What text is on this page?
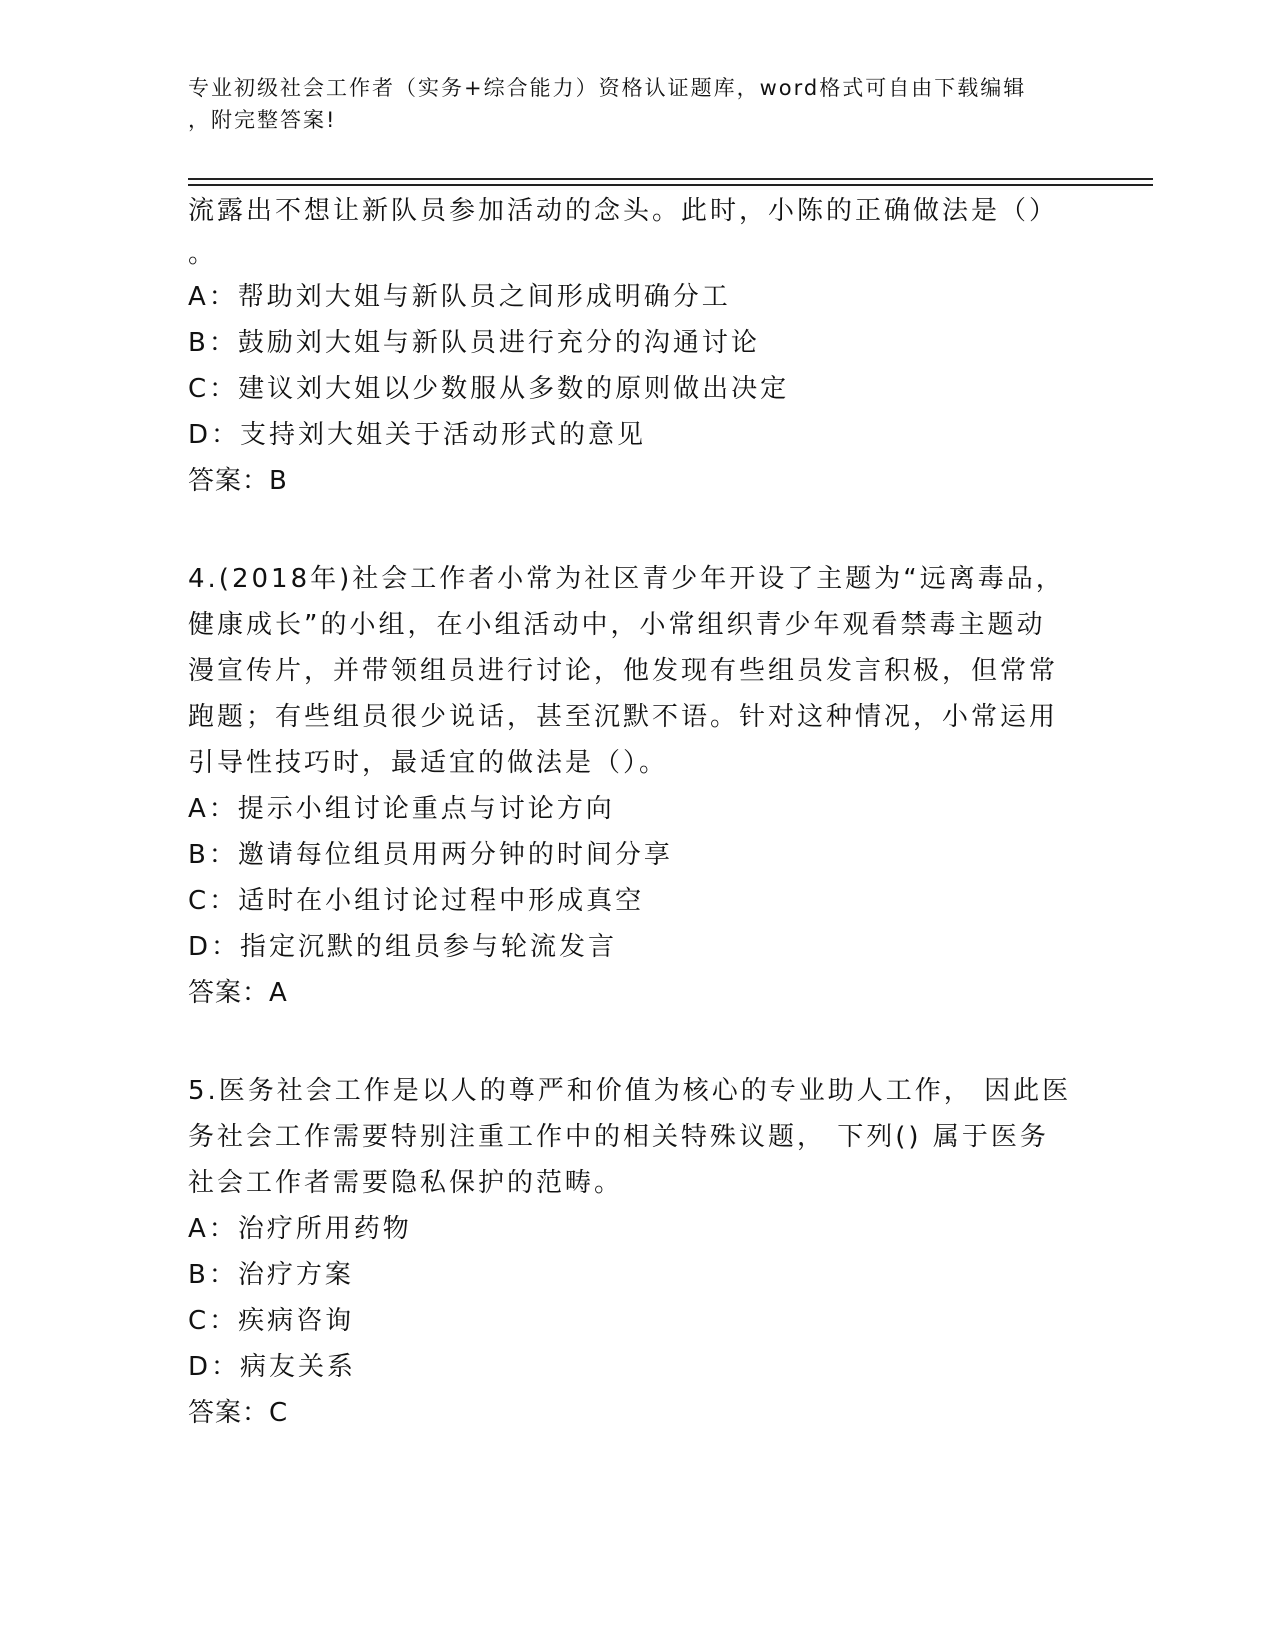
专业初级社会工作者（实务+综合能力）资格认证题库，word格式可自由下载编辑
，附完整答案!
流露出不想让新队员参加活动的念头。此时，小陈的正确做法是（）
。
A：帮助刘大姐与新队员之间形成明确分工
B：鼓励刘大姐与新队员进行充分的沟通讨论
C：建议刘大姐以少数服从多数的原则做出决定
D：支持刘大姐关于活动形式的意见
答案：B
4.(2018年)社会工作者小常为社区青少年开设了主题为“远离毒品，
健康成长”的小组，在小组活动中，小常组织青少年观看禁毒主题动
漫宣传片，并带领组员进行讨论，他发现有些组员发言积极，但常常
跑题；有些组员很少说话，甚至沉默不语。针对这种情况，小常运用
引导性技巧时，最适宜的做法是（）。
A：提示小组讨论重点与讨论方向
B：邀请每位组员用两分钟的时间分享
C：适时在小组讨论过程中形成真空
D：指定沉默的组员参与轮流发言
答案：A
5.医务社会工作是以人的尊严和价值为核心的专业助人工作， 因此医
务社会工作需要特别注重工作中的相关特殊议题， 下列() 属于医务
社会工作者需要隐私保护的范畴。
A：治疗所用药物
B：治疗方案
C：疾病咨询
D：病友关系
答案：C
